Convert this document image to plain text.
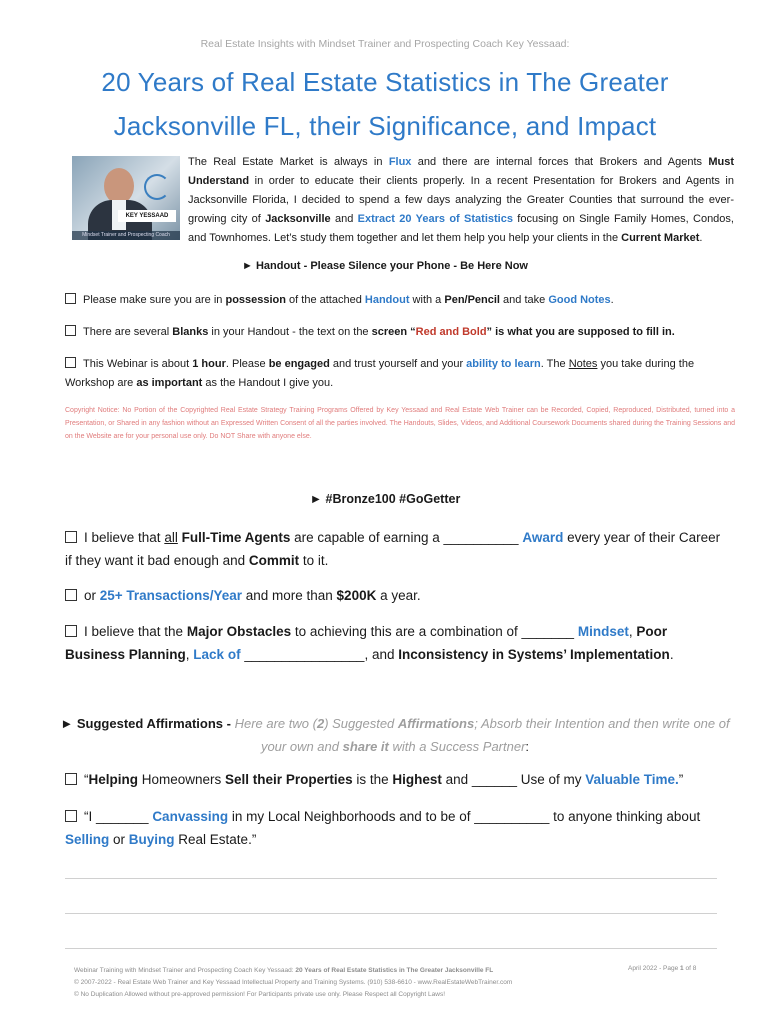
Real Estate Insights with Mindset Trainer and Prospecting Coach Key Yessaad:
20 Years of Real Estate Statistics in The Greater
Jacksonville FL, their Significance, and Impact
KEY YESSAAD
Mindset Trainer and Prospecting Coach
The Real Estate Market is always in Flux and there are internal forces that Brokers and Agents Must Understand in order to educate their clients properly. In a recent Presentation for Brokers and Agents in Jacksonville Florida, I decided to spend a few days analyzing the Greater Counties that surround the ever-growing city of Jacksonville and Extract 20 Years of Statistics focusing on Single Family Homes, Condos, and Townhomes. Let’s study them together and let them help you help your clients in the Current Market.
► Handout - Please Silence your Phone - Be Here Now
Please make sure you are in possession of the attached Handout with a Pen/Pencil and take Good Notes.
There are several Blanks in your Handout - the text on the screen “Red and Bold” is what you are supposed to fill in.
This Webinar is about 1 hour. Please be engaged and trust yourself and your ability to learn. The Notes you take during the Workshop are as important as the Handout I give you.
Copyright Notice: No Portion of the Copyrighted Real Estate Strategy Training Programs Offered by Key Yessaad and Real Estate Web Trainer can be Recorded, Copied, Reproduced, Distributed, turned into a Presentation, or Shared in any fashion without an Expressed Written Consent of all the parties involved. The Handouts, Slides, Videos, and Additional Coursework Documents shared during the Training Sessions and on the Website are for your personal use only. Do NOT Share with anyone else.
► #Bronze100 #GoGetter
I believe that all Full-Time Agents are capable of earning a __________ Award every year of their Career if they want it bad enough and Commit to it.
or 25+ Transactions/Year and more than $200K a year.
I believe that the Major Obstacles to achieving this are a combination of _______ Mindset, Poor Business Planning, Lack of ________________, and Inconsistency in Systems’ Implementation.
► Suggested Affirmations - Here are two (2) Suggested Affirmations; Absorb their Intention and then write one of your own and share it with a Success Partner:
“Helping Homeowners Sell their Properties is the Highest and ______ Use of my Valuable Time.”
“I _______ Canvassing in my Local Neighborhoods and to be of __________ to anyone thinking about Selling or Buying Real Estate.”
Webinar Training with Mindset Trainer and Prospecting Coach Key Yessaad: 20 Years of Real Estate Statistics in The Greater Jacksonville FL
© 2007-2022 - Real Estate Web Trainer and Key Yessaad Intellectual Property and Training Systems. (910) 538-6610 - www.RealEstateWebTrainer.com
© No Duplication Allowed without pre-approved permission! For Participants private use only. Please Respect all Copyright Laws!
April 2022 - Page 1 of 8
